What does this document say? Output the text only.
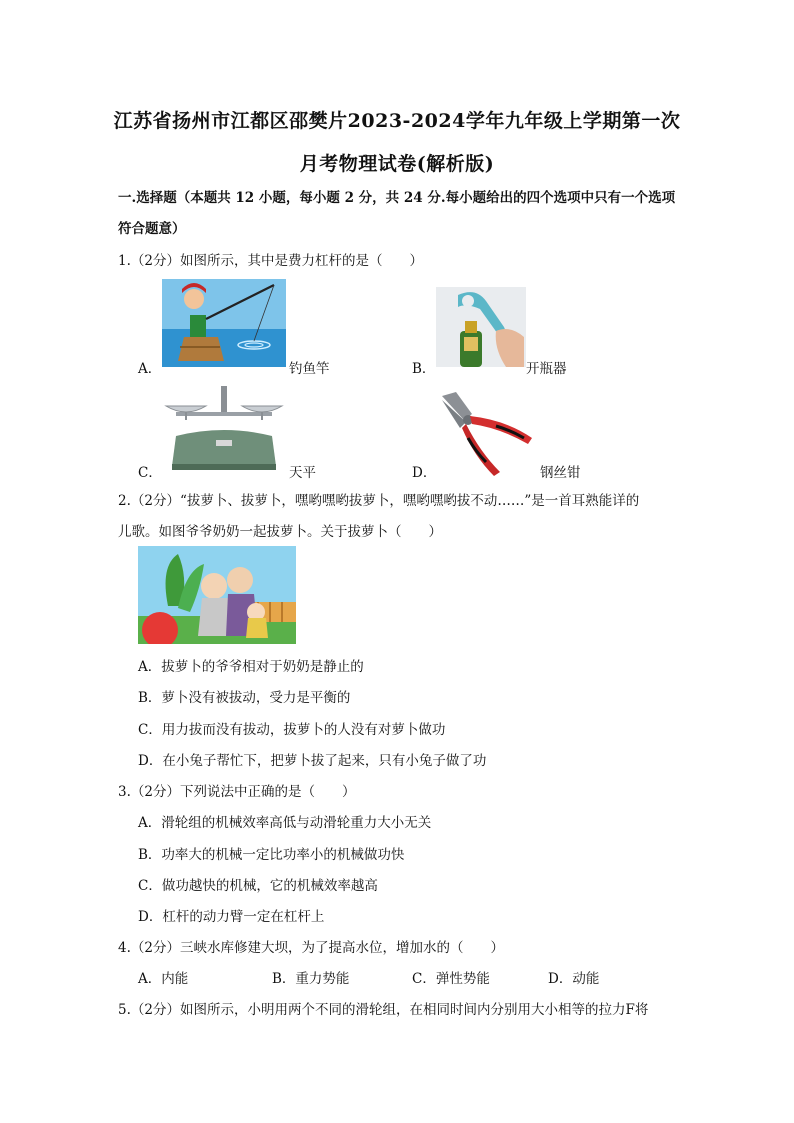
江苏省扬州市江都区邵樊片2023-2024学年九年级上学期第一次
月考物理试卷(解析版)
一.选择题（本题共 12 小题，每小题 2 分，共 24 分.每小题给出的四个选项中只有一个选项
符合题意）
1.（2分）如图所示，其中是费力杠杆的是（　　）
A．	钓鱼竿	B．	开瓶器
C．	天平	D．	钢丝钳
2.（2分）“拔萝卜、拔萝卜，嘿哟嘿哟拔萝卜，嘿哟嘿哟拔不动……”是一首耳熟能详的
儿歌。如图爷爷奶奶一起拔萝卜。关于拔萝卜（　　）
A．拔萝卜的爷爷相对于奶奶是静止的
B．萝卜没有被拔动，受力是平衡的
C．用力拔而没有拔动，拔萝卜的人没有对萝卜做功
D．在小兔子帮忙下，把萝卜拔了起来，只有小兔子做了功
3.（2分）下列说法中正确的是（　　）
A．滑轮组的机械效率高低与动滑轮重力大小无关
B．功率大的机械一定比功率小的机械做功快
C．做功越快的机械，它的机械效率越高
D．杠杆的动力臂一定在杠杆上
4.（2分）三峡水库修建大坝，为了提高水位，增加水的（　　）
A．内能	B．重力势能	C．弹性势能	D．动能
5.（2分）如图所示，小明用两个不同的滑轮组，在相同时间内分别用大小相等的拉力F将
